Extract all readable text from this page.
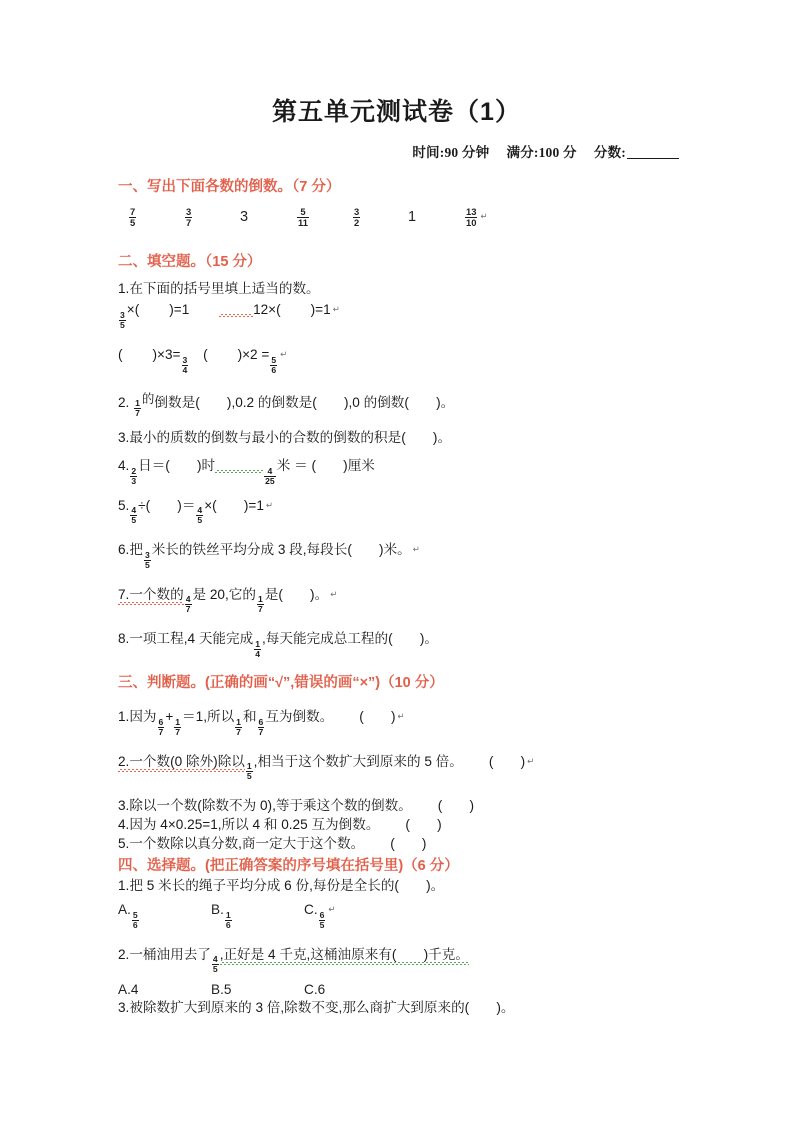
第五单元测试卷（1）
时间:90 分钟 满分:100 分 分数:
一、写出下面各数的倒数。（7 分）
$\frac{7}{5}$	$\frac{3}{7}$	3	$\frac{5}{11}$	$\frac{3}{2}$	1	$\frac{13}{10}$ ↵
二、填空题。（15 分）
1.在下面的括号里填上适当的数。
$\frac{3}{5}$
×( )=1	12×( )=1 ↵
( )×3=
$\frac{3}{4}$
( )×2 =
$\frac{5}{6}$
↵
2. $\frac{1}{7}$
的倒数是(　　),0.2 的倒数是(　　),0 的倒数(　　)。
3.最小的质数的倒数与最小的合数的倒数的积是(　　)。
4.
$\frac{2}{3}$
日＝(　　)时
$\frac{4}{25}$
米 ＝ (　　)厘米
5.
$\frac{4}{5}$
÷(　　)＝
$\frac{4}{5}$
×(　　)=1 ↵
6.把
$\frac{3}{5}$
米长的铁丝平均分成 3 段,每段长(　　)米。 ↵
7.一个数的
$\frac{4}{7}$
是 20,它的
$\frac{1}{7}$
是(　　)。 ↵
8.一项工程,4 天能完成
$\frac{1}{4}$
,每天能完成总工程的(　　)。
三、判断题。(正确的画“√”,错误的画“×”)（10 分）
1.因为
$\frac{6}{7}$
+
$\frac{1}{7}$
＝1,所以
$\frac{1}{7}$
和
$\frac{6}{7}$
互为倒数。 (　　) ↵
2.一个数(0 除外)除以
$\frac{1}{5}$
,相当于这个数扩大到原来的 5 倍。 (　　) ↵
3.除以一个数(除数不为 0),等于乘这个数的倒数。 (　　)
4.因为 4×0.25=1,所以 4 和 0.25 互为倒数。 (　　)
5.一个数除以真分数,商一定大于这个数。 (　　)
四、选择题。(把正确答案的序号填在括号里)（6 分）
1.把 5 米长的绳子平均分成 6 份,每份是全长的(　　)。
A.
$\frac{5}{6}$
B.
$\frac{1}{6}$
C.
$\frac{6}{5}$
↵
2.一桶油用去了
$\frac{4}{5}$
,正好是 4 千克,这桶油原来有(　　)千克。
A.4	B.5	C.6
3.被除数扩大到原来的 3 倍,除数不变,那么商扩大到原来的(　　)。
